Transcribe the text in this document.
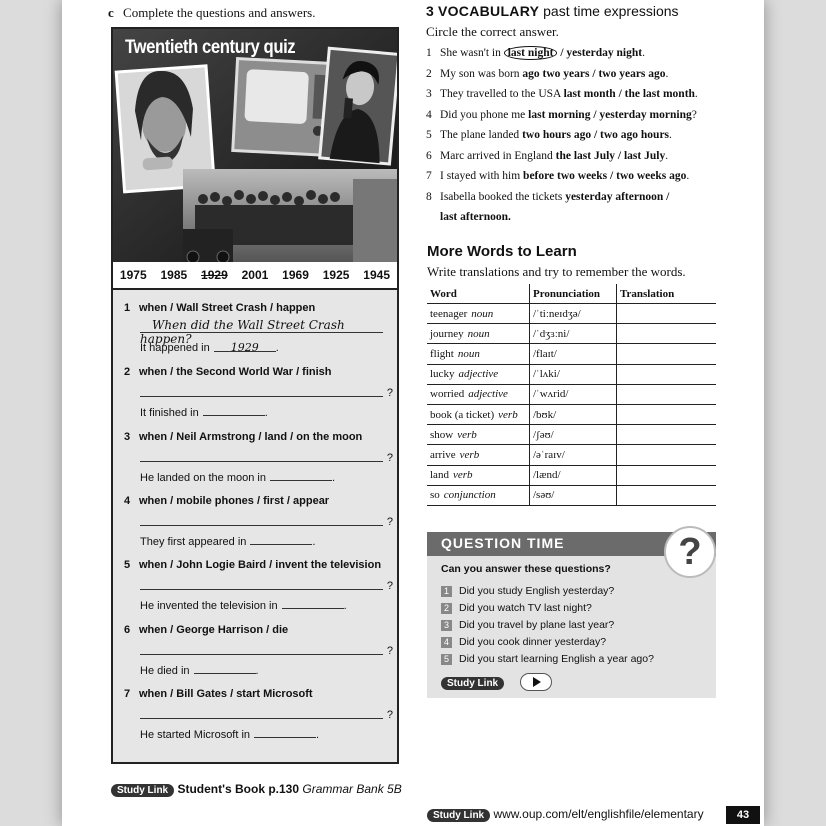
c Complete the questions and answers.
Twentieth century quiz
1975 1985 1929 2001 1969 1925 1945
1 when / Wall Street Crash / happen
When did the Wall Street Crash happen?
It happened in 1929 .
2 when / the Second World War / finish
?
It finished in	.
3 when / Neil Armstrong / land / on the moon
?
He landed on the moon in	.
4 when / mobile phones / first / appear
?
They first appeared in	.
5 when / John Logie Baird / invent the television
?
He invented the television in	.
6 when / George Harrison / die
?
He died in	.
7 when / Bill Gates / start Microsoft
?
He started Microsoft in	.
3 VOCABULARY past time expressions
Circle the correct answer.
1 She wasn't in last night / yesterday night.
2 My son was born ago two years / two years ago.
3 They travelled to the USA last month / the last month.
4 Did you phone me last morning / yesterday morning?
5 The plane landed two hours ago / two ago hours.
6 Marc arrived in England the last July / last July.
7 I stayed with him before two weeks / two weeks ago.
8 Isabella booked the tickets yesterday afternoon /
last afternoon.
More Words to Learn
Write translations and try to remember the words.
Word	Pronunciation	Translation
teenager noun	/ˈtiːneɪdʒə/	
journey noun	/ˈdʒɜːni/	
flight noun	/flaɪt/	
lucky adjective	/ˈlʌki/	
worried adjective	/ˈwʌrid/	
book (a ticket) verb	/bʊk/	
show verb	/ʃəʊ/	
arrive verb	/əˈraɪv/	
land verb	/lænd/	
so conjunction	/səʊ/	
QUESTION TIME	?
Can you answer these questions?
1 Did you study English yesterday?
2 Did you watch TV last night?
3 Did you travel by plane last year?
4 Did you cook dinner yesterday?
5 Did you start learning English a year ago?
Study Link
Study Link Student's Book p.130 Grammar Bank 5B
Study Link www.oup.com/elt/englishfile/elementary	43
